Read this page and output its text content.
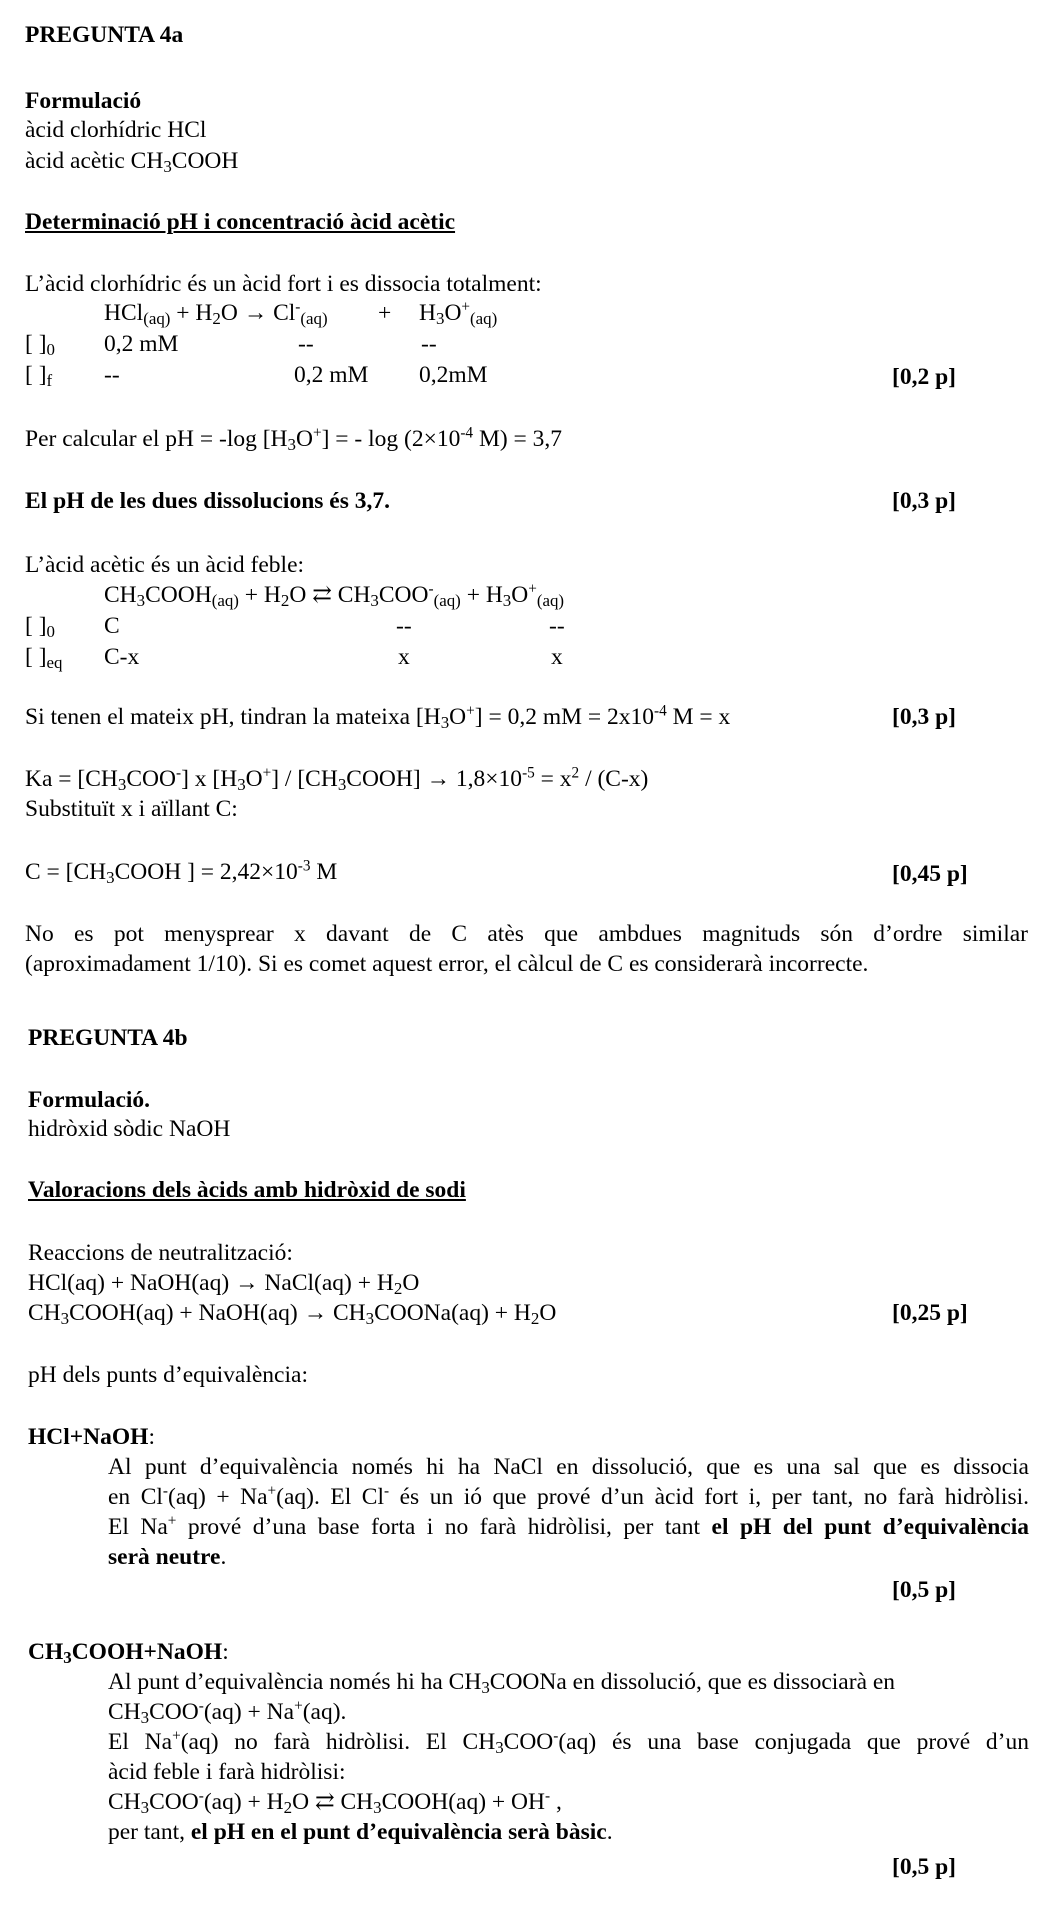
PREGUNTA 4a
Formulació
àcid clorhídric HCl
àcid acètic $CH_3COOH$
Determinació pH i concentració àcid acètic
L’àcid clorhídric és un àcid fort i es dissocia totalment:
$HCl_{(aq)} + H_2O \to Cl^-_{(aq)} + H_3O^+_{(aq)}$
[ ]$_0$ 0,2 mM	--	--
[ ]$_f$ --	0,2 mM 0,2mM	[0,2 p]
Per calcular el pH = -log $[H_3O^+]$ = - $\log (2\times 10^{-4}$ M) = 3,7
El pH de les dues dissolucions és 3,7.	[0,3 p]
L’àcid acètic és un àcid feble:
$CH_3COOH_{(aq)} + H_2O$ ⇄ $CH_3COO^-_{(aq)} + H_3O^+_{(aq)}$
[ ]$_0$ C	--	--
[ ]$_{eq}$ C-x	x	x
Si tenen el mateix pH, tindran la mateixa $[H_3O^+] = 0,2$ mM = $2x10^{-4}$ M = x	[0,3 p]
$Ka = [CH_3COO^-]$ x $[H_3O^+]$ / $[CH_3COOH] \to 1,8\times 10^{-5} = x^2 / (C-x)$
Substituït x i aïllant C:
$C = [CH_3COOH$ ] = $2,42\times 10^{-3}$ M	[0,45 p]
No es pot menysprear x davant de C atès que ambdues magnituds són d’ordre similar
(aproximadament 1/10). Si es comet aquest error, el càlcul de C es considerarà incorrecte.
PREGUNTA 4b
Formulació.
hidròxid sòdic NaOH
Valoracions dels àcids amb hidròxid de sodi
Reaccions de neutralització:
HCl(aq) + NaOH(aq) → NaCl(aq) + $H_2O$
$CH_3COOH(aq)$ + NaOH(aq) → $CH_3COONa(aq) + H_2O$	[0,25 p]
pH dels punts d’equivalència:
HCl+NaOH:
Al punt d’equivalència només hi ha NaCl en dissolució, que es una sal que es dissocia
en Cl-(aq) + Na+(aq). El Cl- és un ió que prové d’un àcid fort i, per tant, no farà hidròlisi.
El Na+ prové d’una base forta i no farà hidròlisi, per tant el pH del punt d’equivalència
serà neutre.
[0,5 p]
$CH_3COOH+NaOH$:
Al punt d’equivalència només hi ha $CH_3COONa$ en dissolució, que es dissociarà en
$CH_3COO^-(aq) + Na^+(aq)$.
El Na+(aq) no farà hidròlisi. El $CH_3COO^-(aq)$ és una base conjugada que prové d’un
àcid feble i farà hidròlisi:
$CH_3COO^-(aq) + H_2O$ ⇄ $CH_3COOH(aq) + OH^-$ ,
per tant, el pH en el punt d’equivalència serà bàsic.
[0,5 p]
